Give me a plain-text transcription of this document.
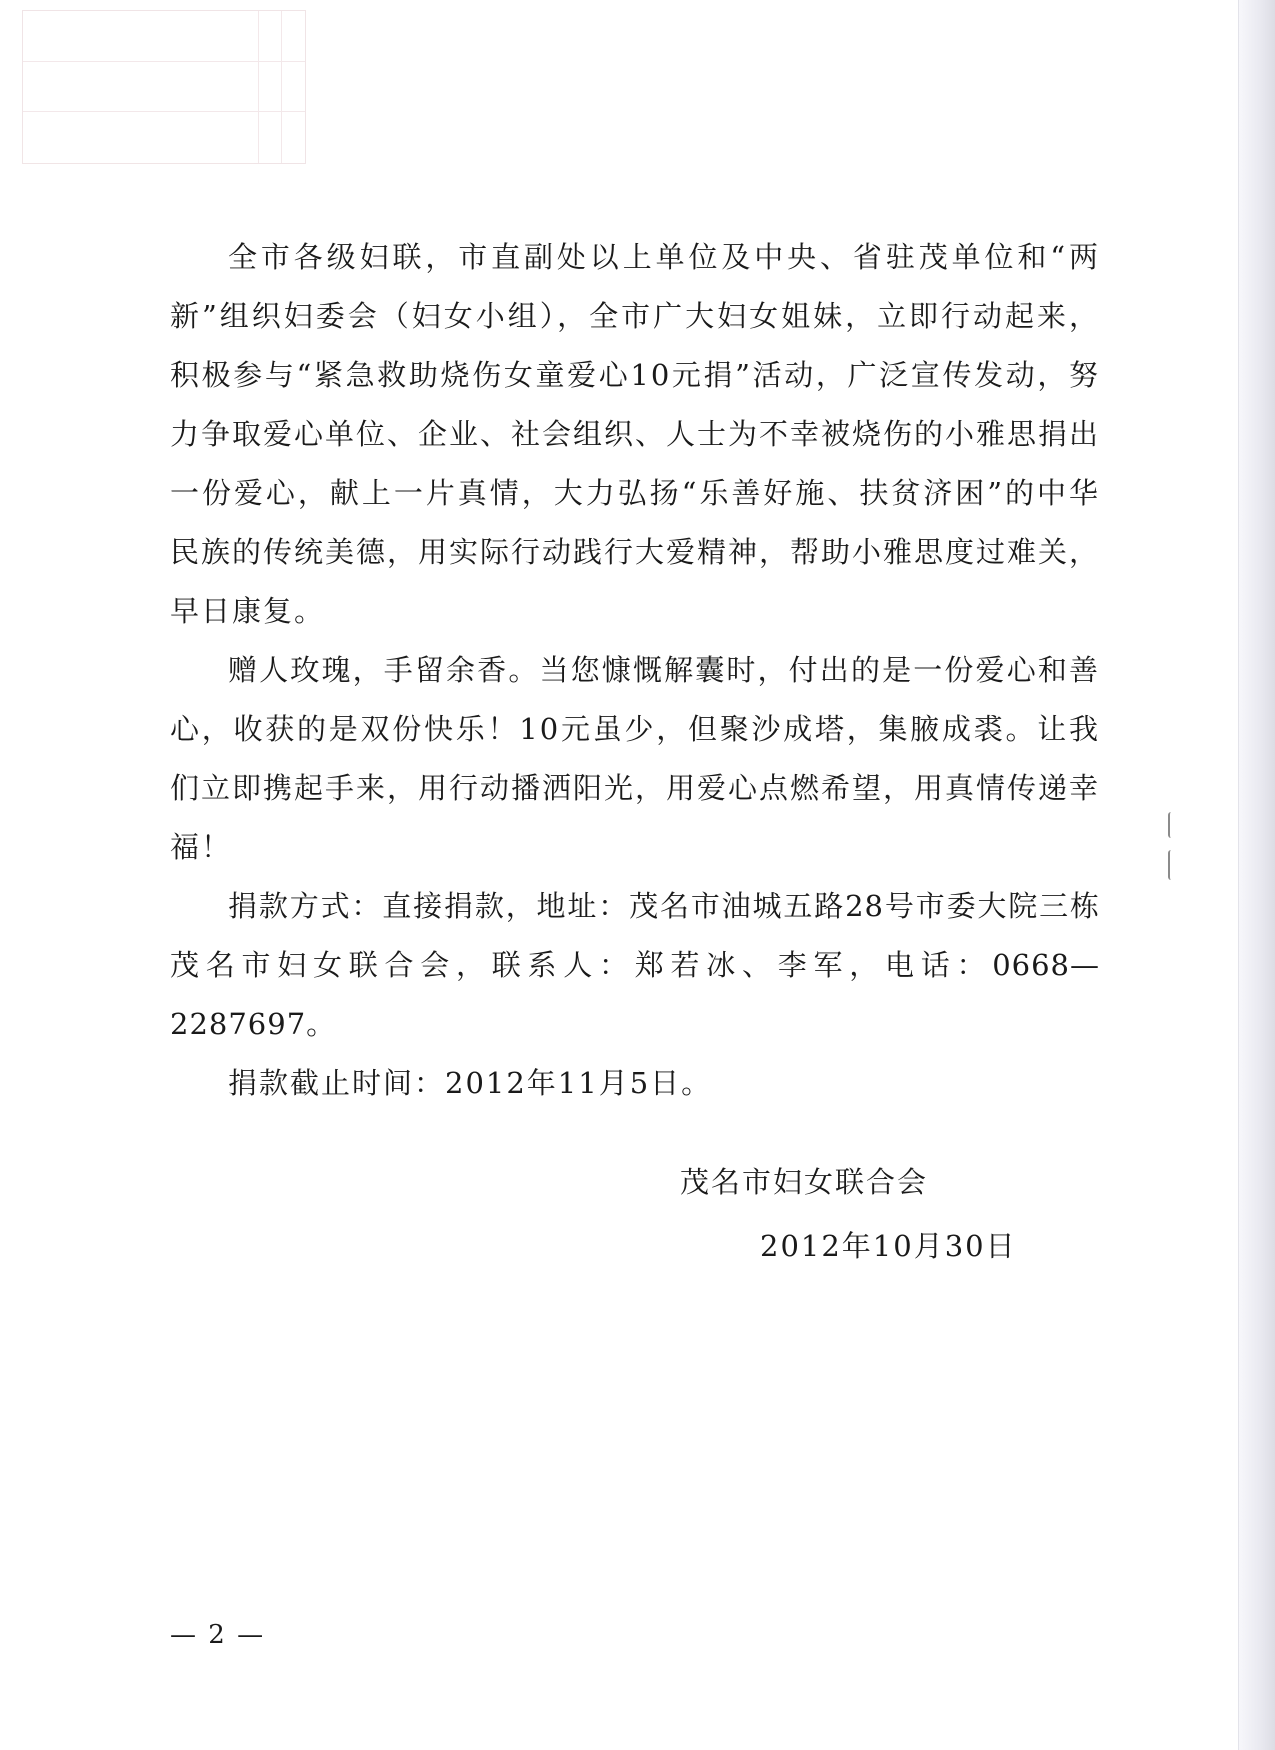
全市各级妇联，市直副处以上单位及中央、省驻茂单位和“两新”组织妇委会（妇女小组），全市广大妇女姐妹，立即行动起来，积极参与“紧急救助烧伤女童爱心10元捐”活动，广泛宣传发动，努力争取爱心单位、企业、社会组织、人士为不幸被烧伤的小雅思捐出一份爱心，献上一片真情，大力弘扬“乐善好施、扶贫济困”的中华民族的传统美德，用实际行动践行大爱精神，帮助小雅思度过难关，早日康复。

赠人玫瑰，手留余香。当您慷慨解囊时，付出的是一份爱心和善心，收获的是双份快乐！10元虽少，但聚沙成塔，集腋成裘。让我们立即携起手来，用行动播洒阳光，用爱心点燃希望，用真情传递幸福！

捐款方式：直接捐款，地址：茂名市油城五路28号市委大院三栋茂名市妇女联合会，联系人：郑若冰、李军，电话：0668—2287697。

捐款截止时间：2012年11月5日。

茂名市妇女联合会
2012年10月30日
— 2 —
